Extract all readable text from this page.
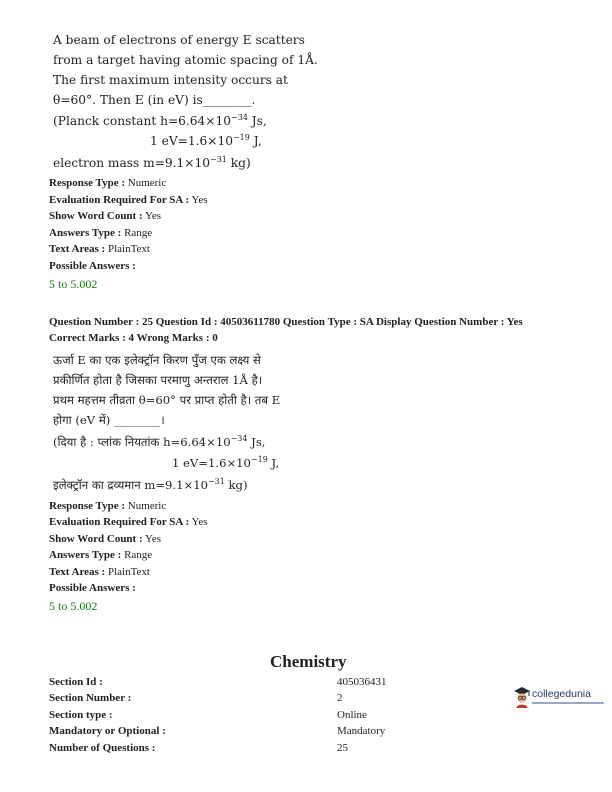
A beam of electrons of energy E scatters
from a target having atomic spacing of 1Å.
The first maximum intensity occurs at
θ=60°. Then E (in eV) is________.
(Planck constant $h=6.64\times 10^{-34}$ Js,
1 $eV=1.6\times 10^{-19}$ J,
electron mass $m=9.1\times 10^{-31}$ kg)
Response Type : Numeric
Evaluation Required For SA : Yes
Show Word Count : Yes
Answers Type : Range
Text Areas : PlainText
Possible Answers :
5 to 5.002
Question Number : 25 Question Id : 40503611780 Question Type : SA Display Question Number : Yes
Correct Marks : 4 Wrong Marks : 0
ऊर्जा E का एक इलेक्ट्रॉन किरण पुँज एक लक्ष्य से
प्रकीर्णित होता है जिसका परमाणु अन्तराल 1Å है।
प्रथम महत्तम तीव्रता θ=60° पर प्राप्त होती है। तब E
होगा (eV में) ________।
(दिया है : प्लांक नियतांक $h=6.64\times 10^{-34}$ Js,
1 $eV=1.6\times 10^{-19}$ J,
इलेक्ट्रॉन का द्रव्यमान $m=9.1\times 10^{-31}$ kg)
Response Type : Numeric
Evaluation Required For SA : Yes
Show Word Count : Yes
Answers Type : Range
Text Areas : PlainText
Possible Answers :
5 to 5.002
Chemistry
Section Id :	405036431
Section Number :	2
Section type :	Online
Mandatory or Optional :	Mandatory
Number of Questions :	25
collegedunia
